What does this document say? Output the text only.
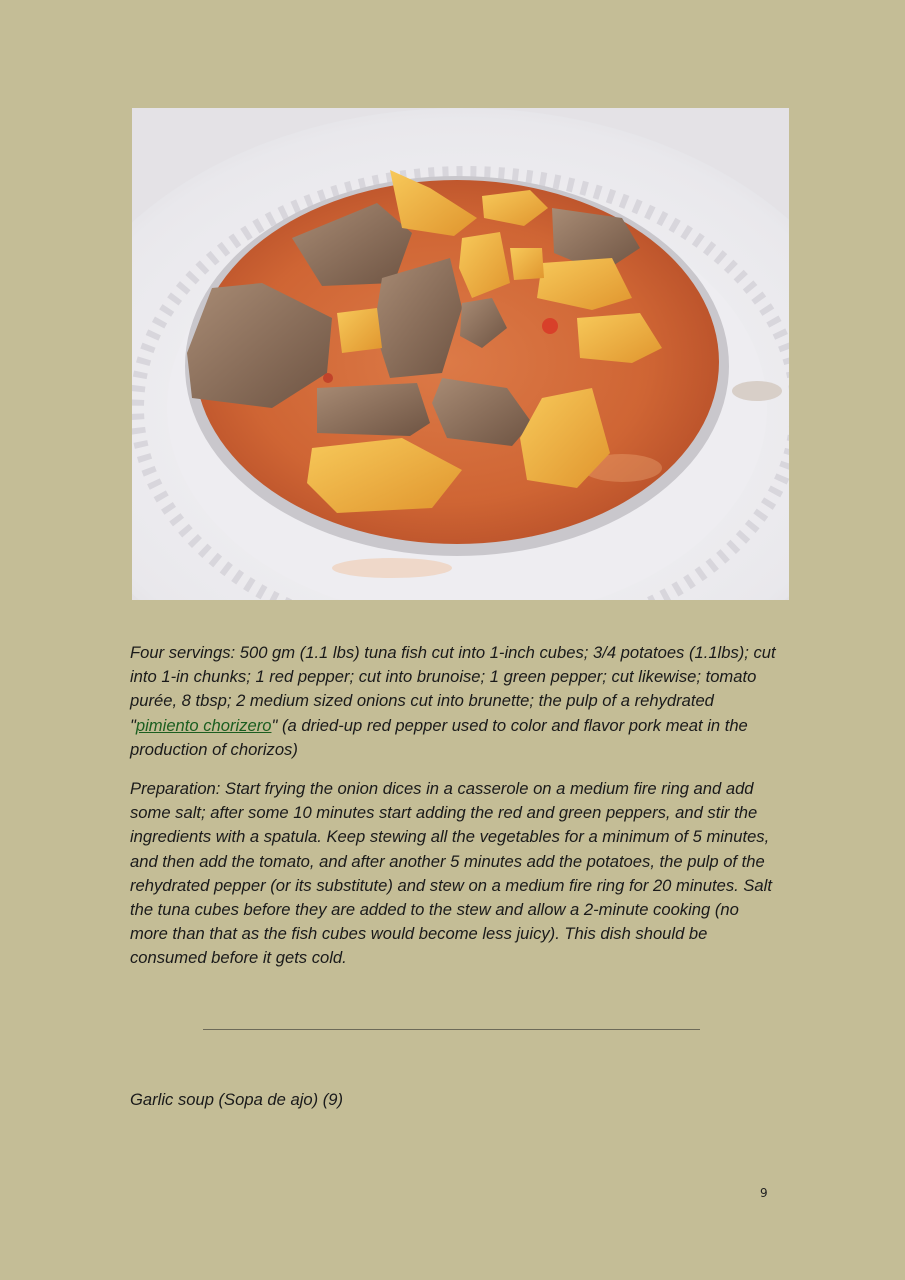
Four servings: 500 gm (1.1 lbs) tuna fish cut into 1-inch cubes; 3/4 potatoes (1.1lbs); cut into 1-in chunks; 1 red pepper; cut into brunoise; 1 green pepper; cut likewise; tomato purée, 8 tbsp; 2 medium sized onions cut into brunette; the pulp of a rehydrated "pimiento chorizero" (a dried-up red pepper used to color and flavor pork meat in the production of chorizos)
Preparation: Start frying the onion dices in a casserole on a medium fire ring and add some salt; after some 10 minutes start adding the red and green peppers, and stir the ingredients with a spatula. Keep stewing all the vegetables for a minimum of 5 minutes, and then add the tomato, and after another 5 minutes add the potatoes, the pulp of the rehydrated pepper (or its substitute) and stew on a medium fire ring for 20 minutes. Salt the tuna cubes before they are added to the stew and allow a 2-minute cooking (no more than that as the fish cubes would become less juicy). This dish should be consumed before it gets cold.
Garlic soup (Sopa de ajo) (9)
9
